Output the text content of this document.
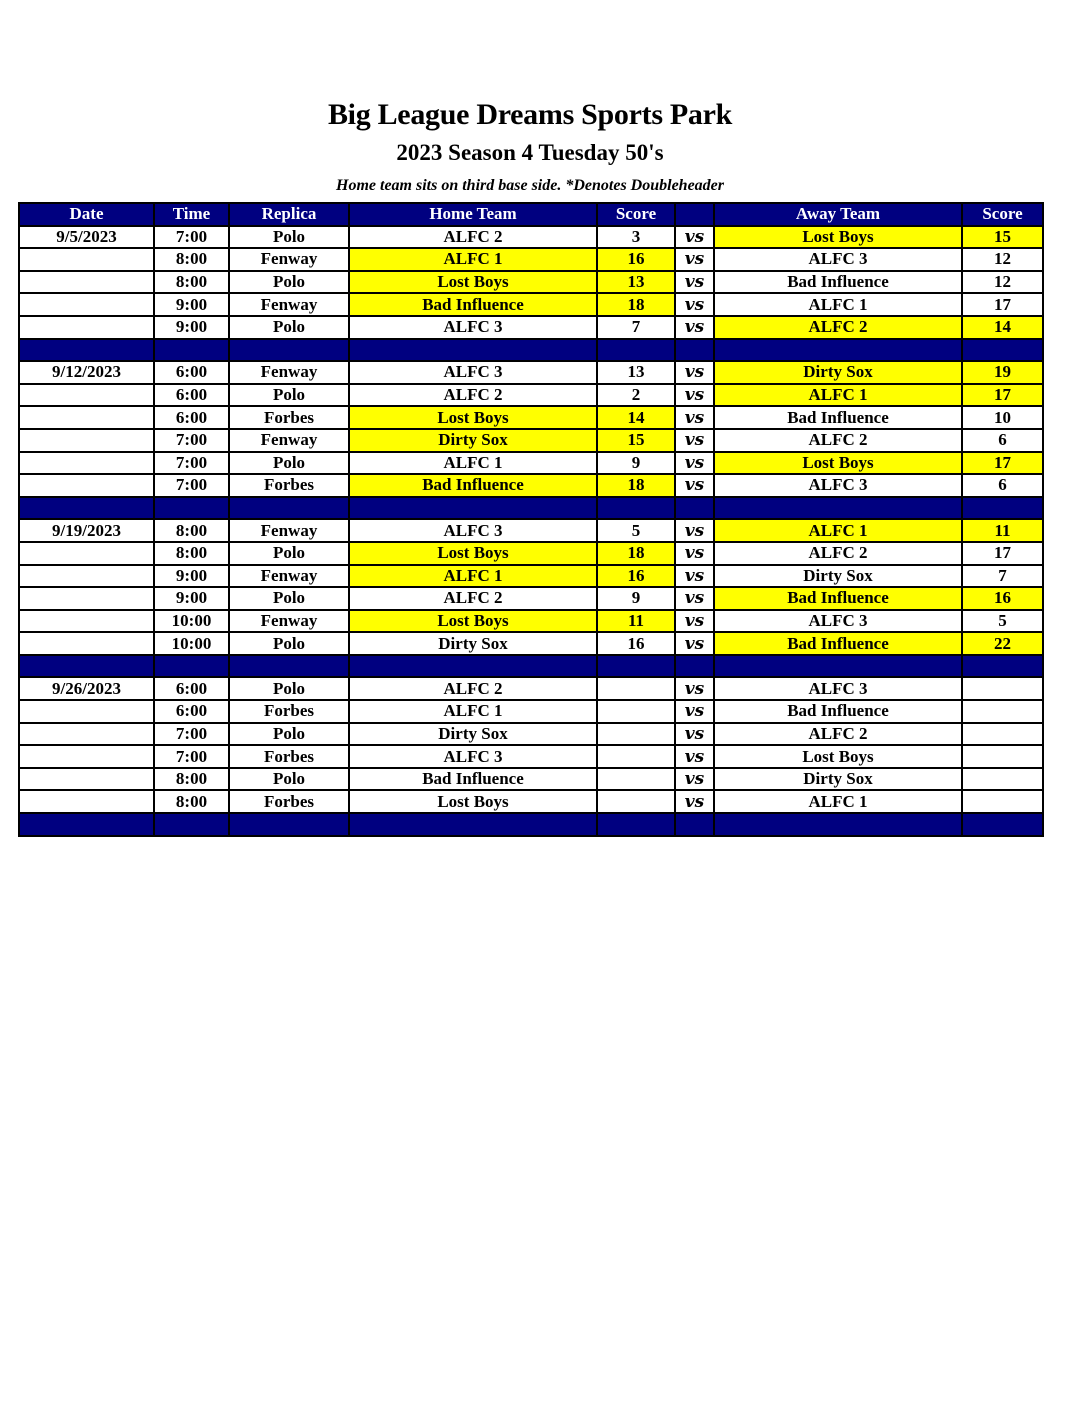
Big League Dreams Sports Park
2023 Season 4 Tuesday 50's
Home team sits on third base side. *Denotes Doubleheader
Date	Time	Replica	Home Team	Score		Away Team	Score
9/5/2023	7:00	Polo	ALFC 2	3	vs	Lost Boys	15
	8:00	Fenway	ALFC 1	16	vs	ALFC 3	12
	8:00	Polo	Lost Boys	13	vs	Bad Influence	12
	9:00	Fenway	Bad Influence	18	vs	ALFC 1	17
	9:00	Polo	ALFC 3	7	vs	ALFC 2	14

9/12/2023	6:00	Fenway	ALFC 3	13	vs	Dirty Sox	19
	6:00	Polo	ALFC 2	2	vs	ALFC 1	17
	6:00	Forbes	Lost Boys	14	vs	Bad Influence	10
	7:00	Fenway	Dirty Sox	15	vs	ALFC 2	6
	7:00	Polo	ALFC 1	9	vs	Lost Boys	17
	7:00	Forbes	Bad Influence	18	vs	ALFC 3	6

9/19/2023	8:00	Fenway	ALFC 3	5	vs	ALFC 1	11
	8:00	Polo	Lost Boys	18	vs	ALFC 2	17
	9:00	Fenway	ALFC 1	16	vs	Dirty Sox	7
	9:00	Polo	ALFC 2	9	vs	Bad Influence	16
	10:00	Fenway	Lost Boys	11	vs	ALFC 3	5
	10:00	Polo	Dirty Sox	16	vs	Bad Influence	22

9/26/2023	6:00	Polo	ALFC 2		vs	ALFC 3	
	6:00	Forbes	ALFC 1		vs	Bad Influence	
	7:00	Polo	Dirty Sox		vs	ALFC 2	
	7:00	Forbes	ALFC 3		vs	Lost Boys	
	8:00	Polo	Bad Influence		vs	Dirty Sox	
	8:00	Forbes	Lost Boys		vs	ALFC 1	
